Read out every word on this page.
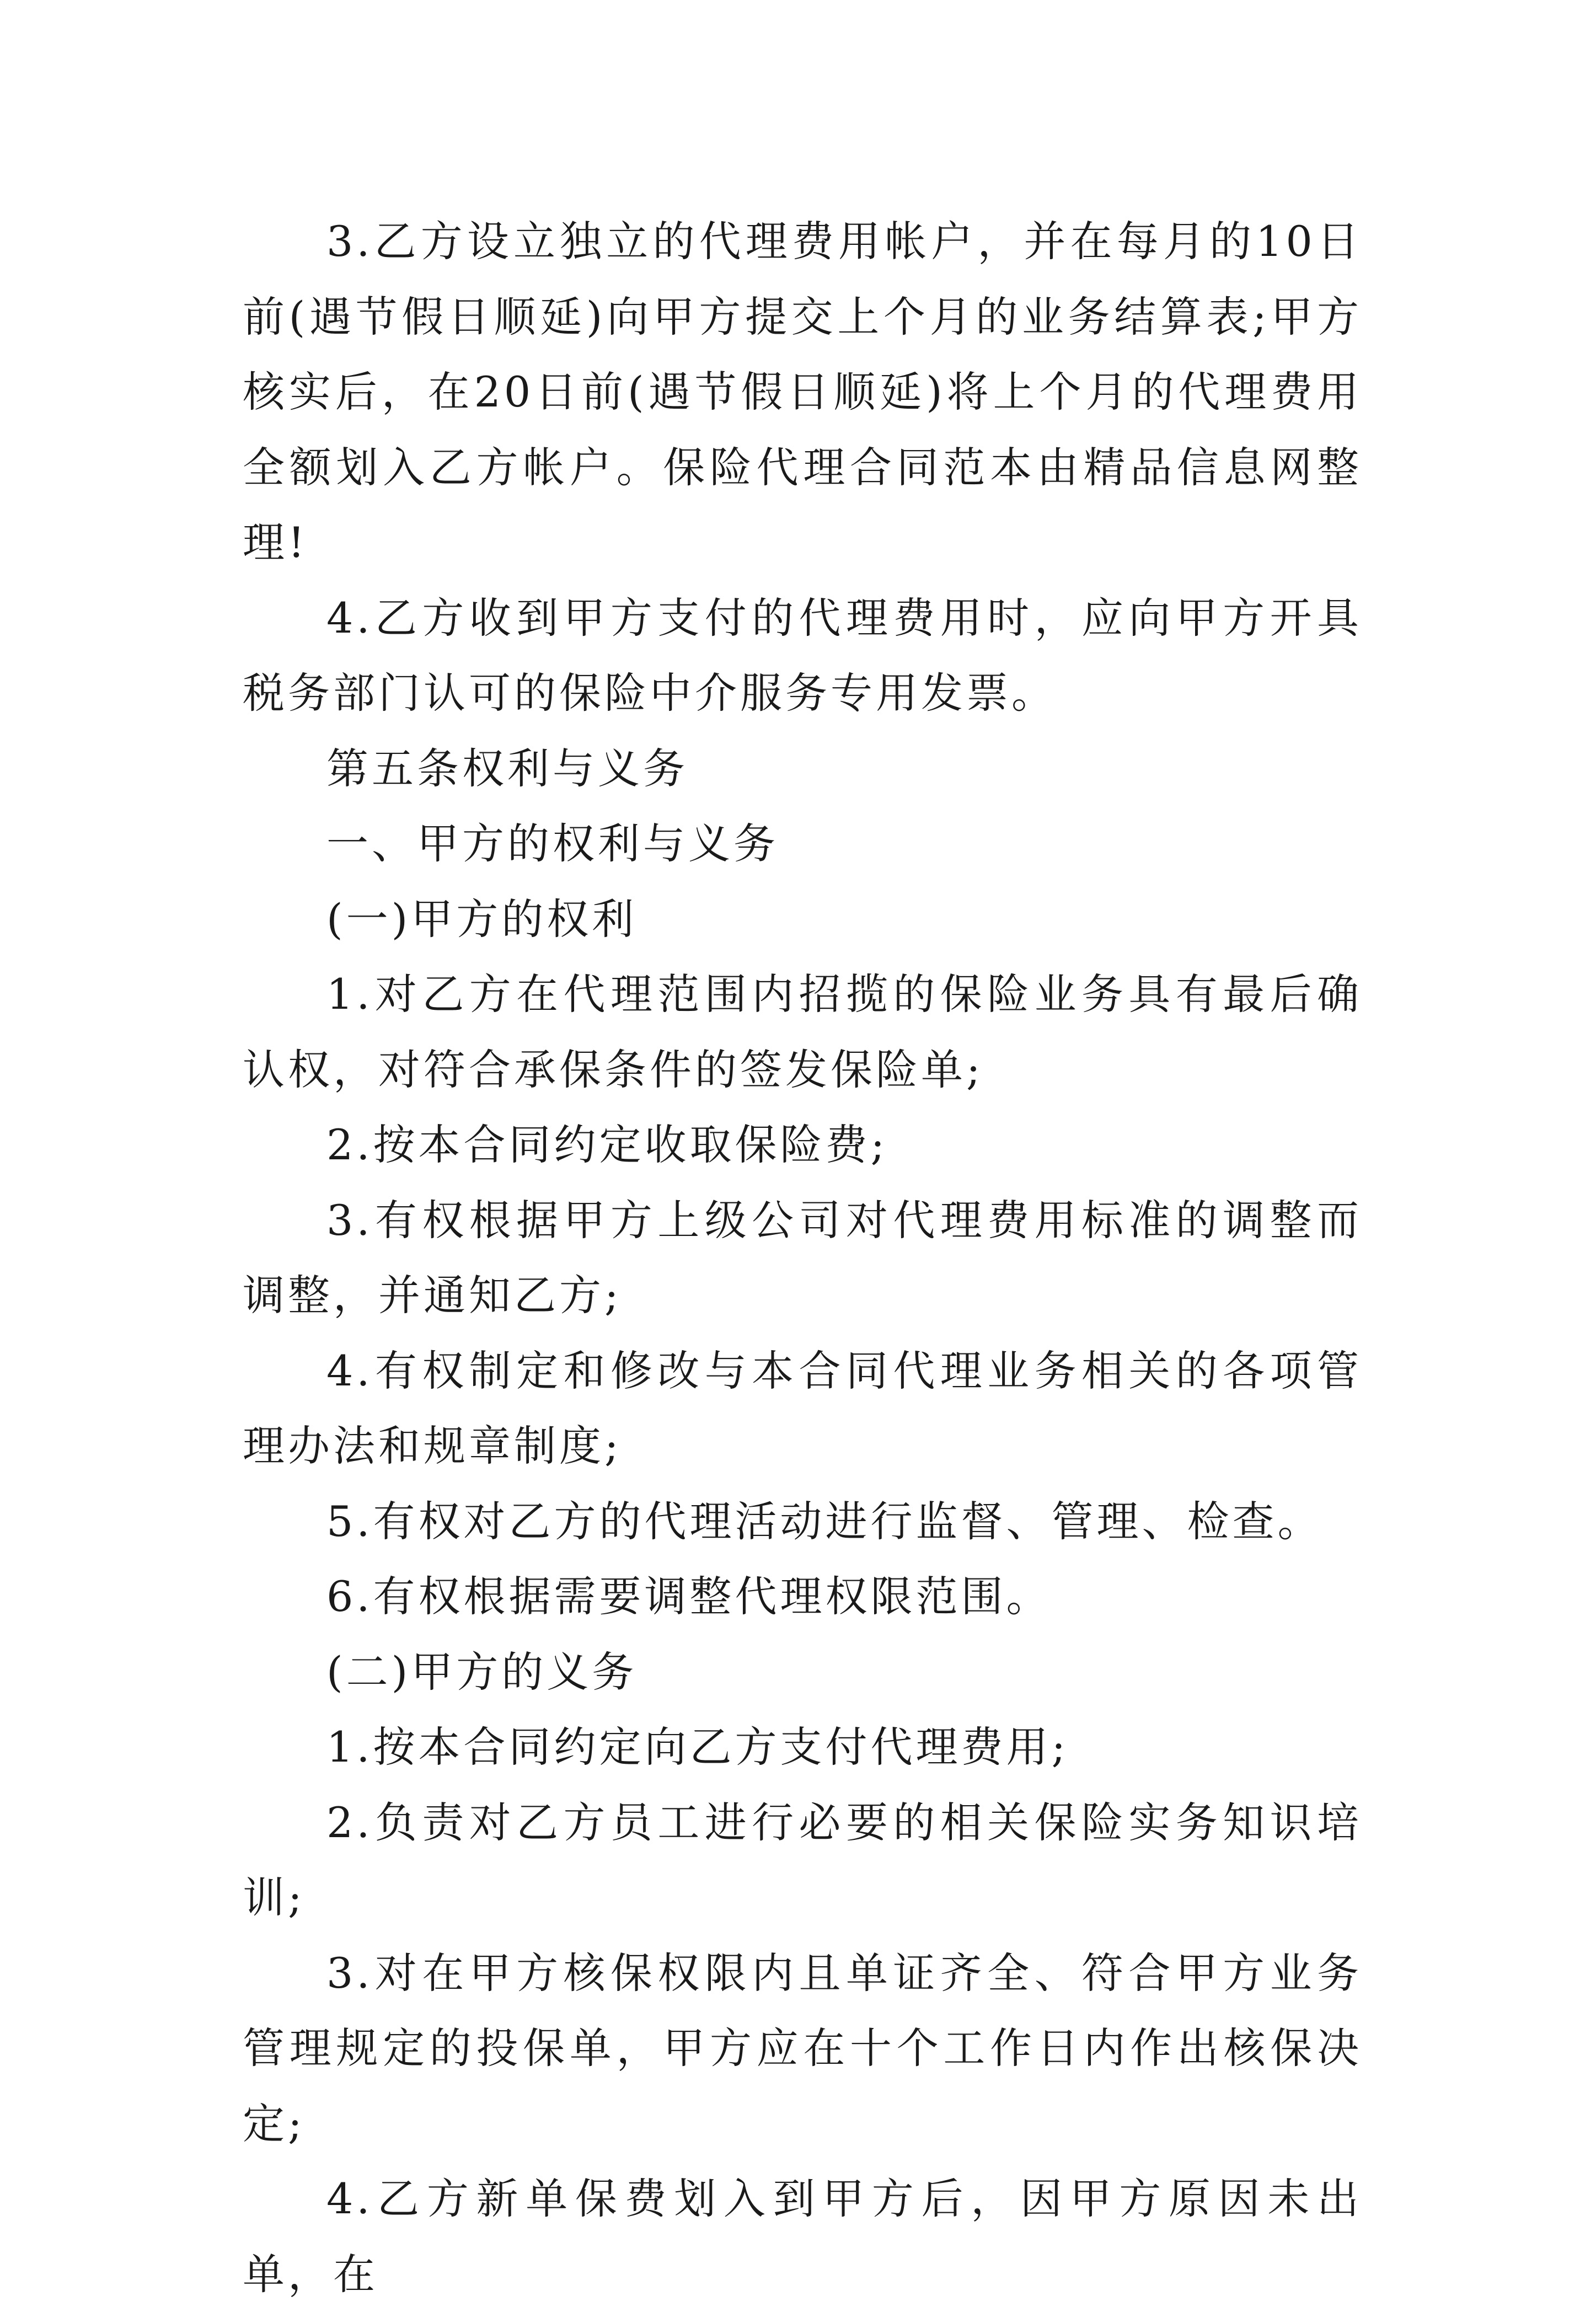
3.乙方设立独立的代理费用帐户，并在每月的10日前(遇节假日顺延)向甲方提交上个月的业务结算表;甲方核实后，在20日前(遇节假日顺延)将上个月的代理费用全额划入乙方帐户。保险代理合同范本由精品信息网整理!

4.乙方收到甲方支付的代理费用时，应向甲方开具税务部门认可的保险中介服务专用发票。

第五条权利与义务

一、甲方的权利与义务

(一)甲方的权利

1.对乙方在代理范围内招揽的保险业务具有最后确认权，对符合承保条件的签发保险单;

2.按本合同约定收取保险费;

3.有权根据甲方上级公司对代理费用标准的调整而调整，并通知乙方;

4.有权制定和修改与本合同代理业务相关的各项管理办法和规章制度;

5.有权对乙方的代理活动进行监督、管理、检查。

6.有权根据需要调整代理权限范围。

(二)甲方的义务

1.按本合同约定向乙方支付代理费用;

2.负责对乙方员工进行必要的相关保险实务知识培训;

3.对在甲方核保权限内且单证齐全、符合甲方业务管理规定的投保单，甲方应在十个工作日内作出核保决定;

4.乙方新单保费划入到甲方后，因甲方原因未出单，在
